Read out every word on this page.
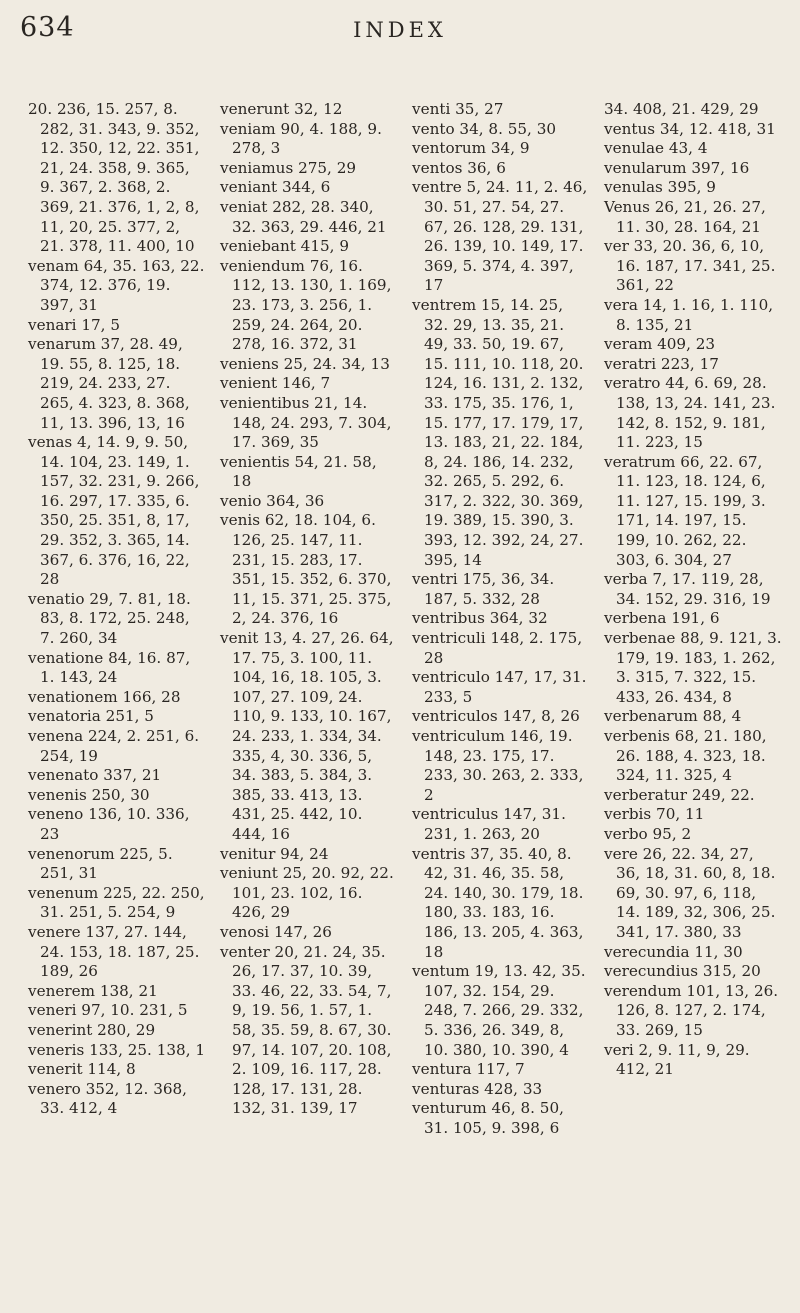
634	INDEX

20. 236, 15. 257, 8. 282, 31. 343, 9. 352, 12. 350, 12, 22. 351, 21, 24. 358, 9. 365, 9. 367, 2. 368, 2. 369, 21. 376, 1, 2, 8, 11, 20, 25. 377, 2, 21. 378, 11. 400, 10

venam 64, 35. 163, 22. 374, 12. 376, 19. 397, 31

venari 17, 5

venarum 37, 28. 49, 19. 55, 8. 125, 18. 219, 24. 233, 27. 265, 4. 323, 8. 368, 11, 13. 396, 13, 16

venas 4, 14. 9, 9. 50, 14. 104, 23. 149, 1. 157, 32. 231, 9. 266, 16. 297, 17. 335, 6. 350, 25. 351, 8, 17, 29. 352, 3. 365, 14. 367, 6. 376, 16, 22, 28

venatio 29, 7. 81, 18. 83, 8. 172, 25. 248, 7. 260, 34

venatione 84, 16. 87, 1. 143, 24

venationem 166, 28

venatoria 251, 5

venena 224, 2. 251, 6. 254, 19

venenato 337, 21

venenis 250, 30

veneno 136, 10. 336, 23

venenorum 225, 5. 251, 31

venenum 225, 22. 250, 31. 251, 5. 254, 9

venere 137, 27. 144, 24. 153, 18. 187, 25. 189, 26

venerem 138, 21

veneri 97, 10. 231, 5

venerint 280, 29

veneris 133, 25. 138, 1

venerit 114, 8

venero 352, 12. 368, 33. 412, 4

venerunt 32, 12

veniam 90, 4. 188, 9. 278, 3

veniamus 275, 29

veniant 344, 6

veniat 282, 28. 340, 32. 363, 29. 446, 21

veniebant 415, 9

veniendum 76, 16. 112, 13. 130, 1. 169, 23. 173, 3. 256, 1. 259, 24. 264, 20. 278, 16. 372, 31

veniens 25, 24. 34, 13

venient 146, 7

venientibus 21, 14. 148, 24. 293, 7. 304, 17. 369, 35

venientis 54, 21. 58, 18

venio 364, 36

venis 62, 18. 104, 6. 126, 25. 147, 11. 231, 15. 283, 17. 351, 15. 352, 6. 370, 11, 15. 371, 25. 375, 2, 24. 376, 16

venit 13, 4. 27, 26. 64, 17. 75, 3. 100, 11. 104, 16, 18. 105, 3. 107, 27. 109, 24. 110, 9. 133, 10. 167, 24. 233, 1. 334, 34. 335, 4, 30. 336, 5, 34. 383, 5. 384, 3. 385, 33. 413, 13. 431, 25. 442, 10. 444, 16

venitur 94, 24

veniunt 25, 20. 92, 22. 101, 23. 102, 16. 426, 29

venosi 147, 26

venter 20, 21. 24, 35. 26, 17. 37, 10. 39, 33. 46, 22, 33. 54, 7, 9, 19. 56, 1. 57, 1. 58, 35. 59, 8. 67, 30. 97, 14. 107, 20. 108, 2. 109, 16. 117, 28. 128, 17. 131, 28. 132, 31. 139, 17

venti 35, 27

vento 34, 8. 55, 30

ventorum 34, 9

ventos 36, 6

ventre 5, 24. 11, 2. 46, 30. 51, 27. 54, 27. 67, 26. 128, 29. 131, 26. 139, 10. 149, 17. 369, 5. 374, 4. 397, 17

ventrem 15, 14. 25, 32. 29, 13. 35, 21. 49, 33. 50, 19. 67, 15. 111, 10. 118, 20. 124, 16. 131, 2. 132, 33. 175, 35. 176, 1, 15. 177, 17. 179, 17, 13. 183, 21, 22. 184, 8, 24. 186, 14. 232, 32. 265, 5. 292, 6. 317, 2. 322, 30. 369, 19. 389, 15. 390, 3. 393, 12. 392, 24, 27. 395, 14

ventri 175, 36, 34. 187, 5. 332, 28

ventribus 364, 32

ventriculi 148, 2. 175, 28

ventriculo 147, 17, 31. 233, 5

ventriculos 147, 8, 26

ventriculum 146, 19. 148, 23. 175, 17. 233, 30. 263, 2. 333, 2

ventriculus 147, 31. 231, 1. 263, 20

ventris 37, 35. 40, 8. 42, 31. 46, 35. 58, 24. 140, 30. 179, 18. 180, 33. 183, 16. 186, 13. 205, 4. 363, 18

ventum 19, 13. 42, 35. 107, 32. 154, 29. 248, 7. 266, 29. 332, 5. 336, 26. 349, 8, 10. 380, 10. 390, 4

ventura 117, 7

venturas 428, 33

venturum 46, 8. 50, 31. 105, 9. 398, 6

34. 408, 21. 429, 29

ventus 34, 12. 418, 31

venulae 43, 4

venularum 397, 16

venulas 395, 9

Venus 26, 21, 26. 27, 11. 30, 28. 164, 21

ver 33, 20. 36, 6, 10, 16. 187, 17. 341, 25. 361, 22

vera 14, 1. 16, 1. 110, 8. 135, 21

veram 409, 23

veratri 223, 17

veratro 44, 6. 69, 28. 138, 13, 24. 141, 23. 142, 8. 152, 9. 181, 11. 223, 15

veratrum 66, 22. 67, 11. 123, 18. 124, 6, 11. 127, 15. 199, 3. 171, 14. 197, 15. 199, 10. 262, 22. 303, 6. 304, 27

verba 7, 17. 119, 28, 34. 152, 29. 316, 19

verbena 191, 6

verbenae 88, 9. 121, 3. 179, 19. 183, 1. 262, 3. 315, 7. 322, 15. 433, 26. 434, 8

verbenarum 88, 4

verbenis 68, 21. 180, 26. 188, 4. 323, 18. 324, 11. 325, 4

verberatur 249, 22.

verbis 70, 11

verbo 95, 2

vere 26, 22. 34, 27, 36, 18, 31. 60, 8, 18. 69, 30. 97, 6, 118, 14. 189, 32, 306, 25. 341, 17. 380, 33

verecundia 11, 30

verecundius 315, 20

verendum 101, 13, 26. 126, 8. 127, 2. 174, 33. 269, 15

veri 2, 9. 11, 9, 29. 412, 21
